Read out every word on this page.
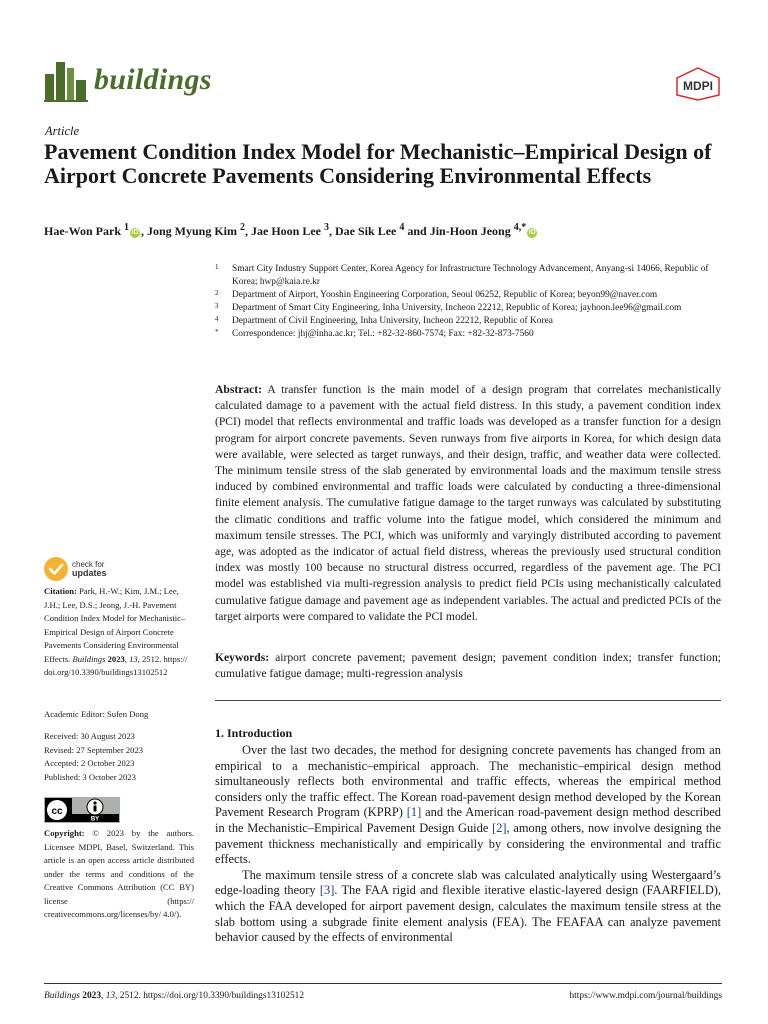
buildings	MDPI
Article
Pavement Condition Index Model for Mechanistic–Empirical Design of Airport Concrete Pavements Considering Environmental Effects
Hae-Won Park $^1$ iD , Jong Myung Kim $^2$, Jae Hoon Lee $^3$, Dae Sik Lee $^4$ and Jin-Hoon Jeong $^{4,*}$ iD
1 Smart City Industry Support Center, Korea Agency for Infrastructure Technology Advancement, Anyang-si 14066, Republic of Korea; hwp@kaia.re.kr
2 Department of Airport, Yooshin Engineering Corporation, Seoul 06252, Republic of Korea; beyon99@naver.com
3 Department of Smart City Engineering, Inha University, Incheon 22212, Republic of Korea; jayhoon.lee96@gmail.com
4 Department of Civil Engineering, Inha University, Incheon 22212, Republic of Korea
* Correspondence: jhj@inha.ac.kr; Tel.: +82-32-860-7574; Fax: +82-32-873-7560
Abstract: A transfer function is the main model of a design program that correlates mechanistically calculated damage to a pavement with the actual field distress. In this study, a pavement condition index (PCI) model that reflects environmental and traffic loads was developed as a transfer function for a design program for airport concrete pavements. Seven runways from five airports in Korea, for which design data were available, were selected as target runways, and their design, traffic, and weather data were collected. The minimum tensile stress of the slab generated by environmental loads and the maximum tensile stress induced by combined environmental and traffic loads were calculated by conducting a three-dimensional finite element analysis. The cumulative fatigue damage to the target runways was calculated by substituting the climatic conditions and traffic volume into the fatigue model, which considered the minimum and maximum tensile stresses. The PCI, which was uniformly and varyingly distributed according to pavement age, was adopted as the indicator of actual field distress, whereas the previously used structural condition index was mostly 100 because no structural distress occurred, regardless of the pavement age. The PCI model was established via multi-regression analysis to predict field PCIs using mechanistically calculated cumulative fatigue damage and pavement age as independent variables. The actual and predicted PCIs of the target airports were compared to validate the PCI model.
Keywords: airport concrete pavement; pavement design; pavement condition index; transfer function; cumulative fatigue damage; multi-regression analysis
check for
updates
Citation: Park, H.-W.; Kim, J.M.; Lee, J.H.; Lee, D.S.; Jeong, J.-H. Pavement Condition Index Model for Mechanistic–Empirical Design of Airport Concrete Pavements Considering Environmental Effects. Buildings 2023, 13, 2512. https:// doi.org/10.3390/buildings13102512
Academic Editor: Sufen Dong
Received: 30 August 2023
Revised: 27 September 2023
Accepted: 2 October 2023
Published: 3 October 2023
cc
BY
Copyright: © 2023 by the authors. Licensee MDPI, Basel, Switzerland. This article is an open access article distributed under the terms and conditions of the Creative Commons Attribution (CC BY) license (https:// creativecommons.org/licenses/by/ 4.0/).
1. Introduction

Over the last two decades, the method for designing concrete pavements has changed from an empirical to a mechanistic–empirical approach. The mechanistic–empirical design method simultaneously reflects both environmental and traffic effects, whereas the empirical method considers only the traffic effect. The Korean road-pavement design method developed by the Korean Pavement Research Program (KPRP) [1] and the American road-pavement design method described in the Mechanistic–Empirical Pavement Design Guide [2], among others, now involve designing the pavement thickness mechanistically and empirically by considering the environmental and traffic effects.

The maximum tensile stress of a concrete slab was calculated analytically using Westergaard’s edge-loading theory [3]. The FAA rigid and flexible iterative elastic-layered design (FAARFIELD), which the FAA developed for airport pavement design, calculates the maximum tensile stress at the slab bottom using a subgrade finite element analysis (FEA). The FEAFAA can analyze pavement behavior caused by the effects of environmental

Buildings 2023, 13, 2512. https://doi.org/10.3390/buildings13102512	https://www.mdpi.com/journal/buildings
